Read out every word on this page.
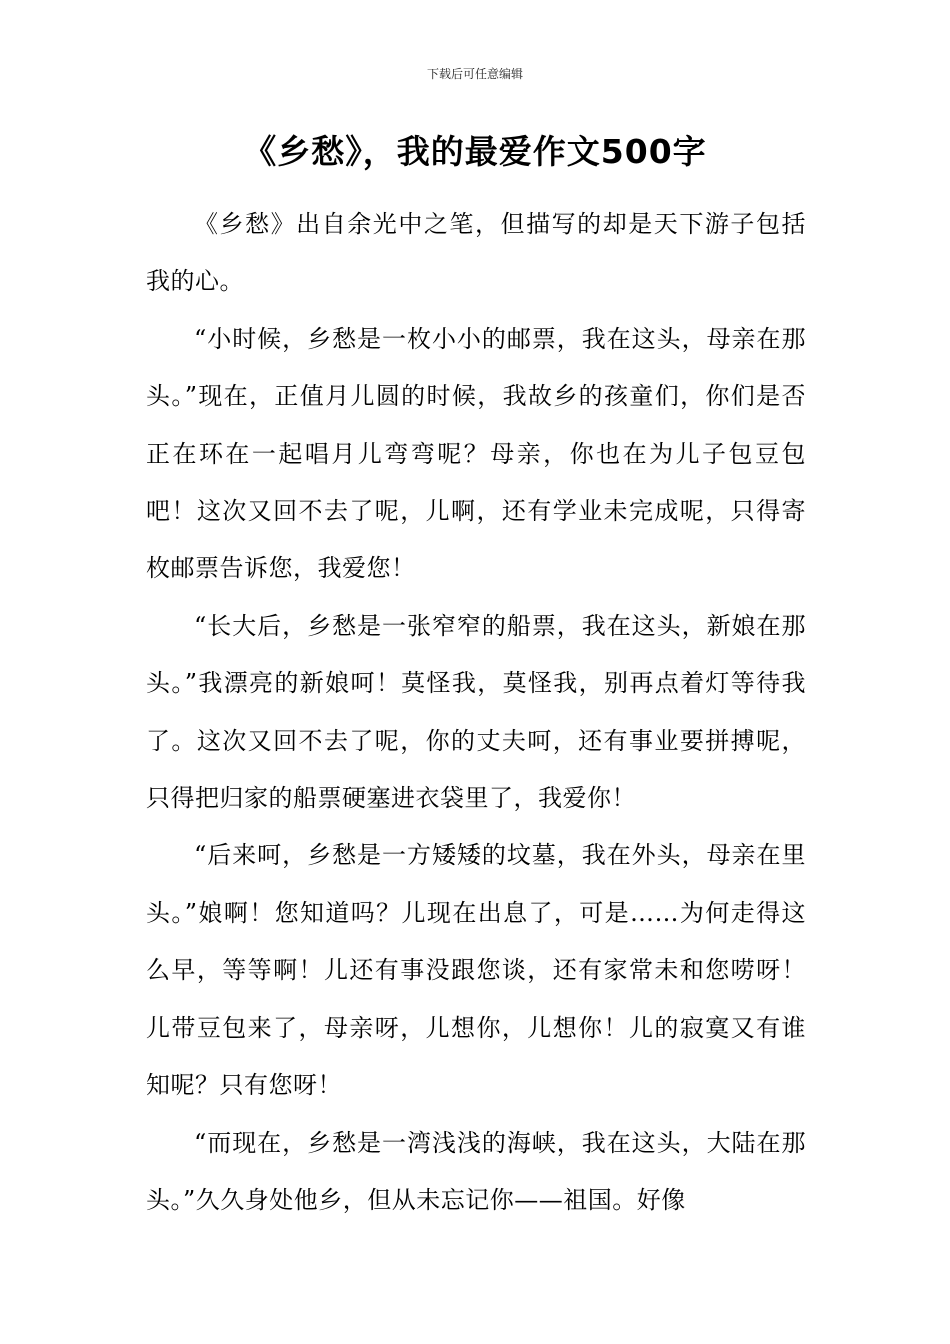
下载后可任意编辑
《乡愁》，我的最爱作文500字

《乡愁》出自余光中之笔，但描写的却是天下游子包括我的心。

“小时候，乡愁是一枚小小的邮票，我在这头，母亲在那头。”现在，正值月儿圆的时候，我故乡的孩童们，你们是否正在环在一起唱月儿弯弯呢？母亲，你也在为儿子包豆包吧！这次又回不去了呢，儿啊，还有学业未完成呢，只得寄枚邮票告诉您，我爱您！

“长大后，乡愁是一张窄窄的船票，我在这头，新娘在那头。”我漂亮的新娘呵！莫怪我，莫怪我，别再点着灯等待我了。这次又回不去了呢，你的丈夫呵，还有事业要拼搏呢，只得把归家的船票硬塞进衣袋里了，我爱你！

“后来呵，乡愁是一方矮矮的坟墓，我在外头，母亲在里头。”娘啊！您知道吗？儿现在出息了，可是……为何走得这么早，等等啊！儿还有事没跟您谈，还有家常未和您唠呀！儿带豆包来了，母亲呀，儿想你，儿想你！儿的寂寞又有谁知呢？只有您呀！

“而现在，乡愁是一湾浅浅的海峡，我在这头，大陆在那头。”久久身处他乡，但从未忘记你——祖国。好像
